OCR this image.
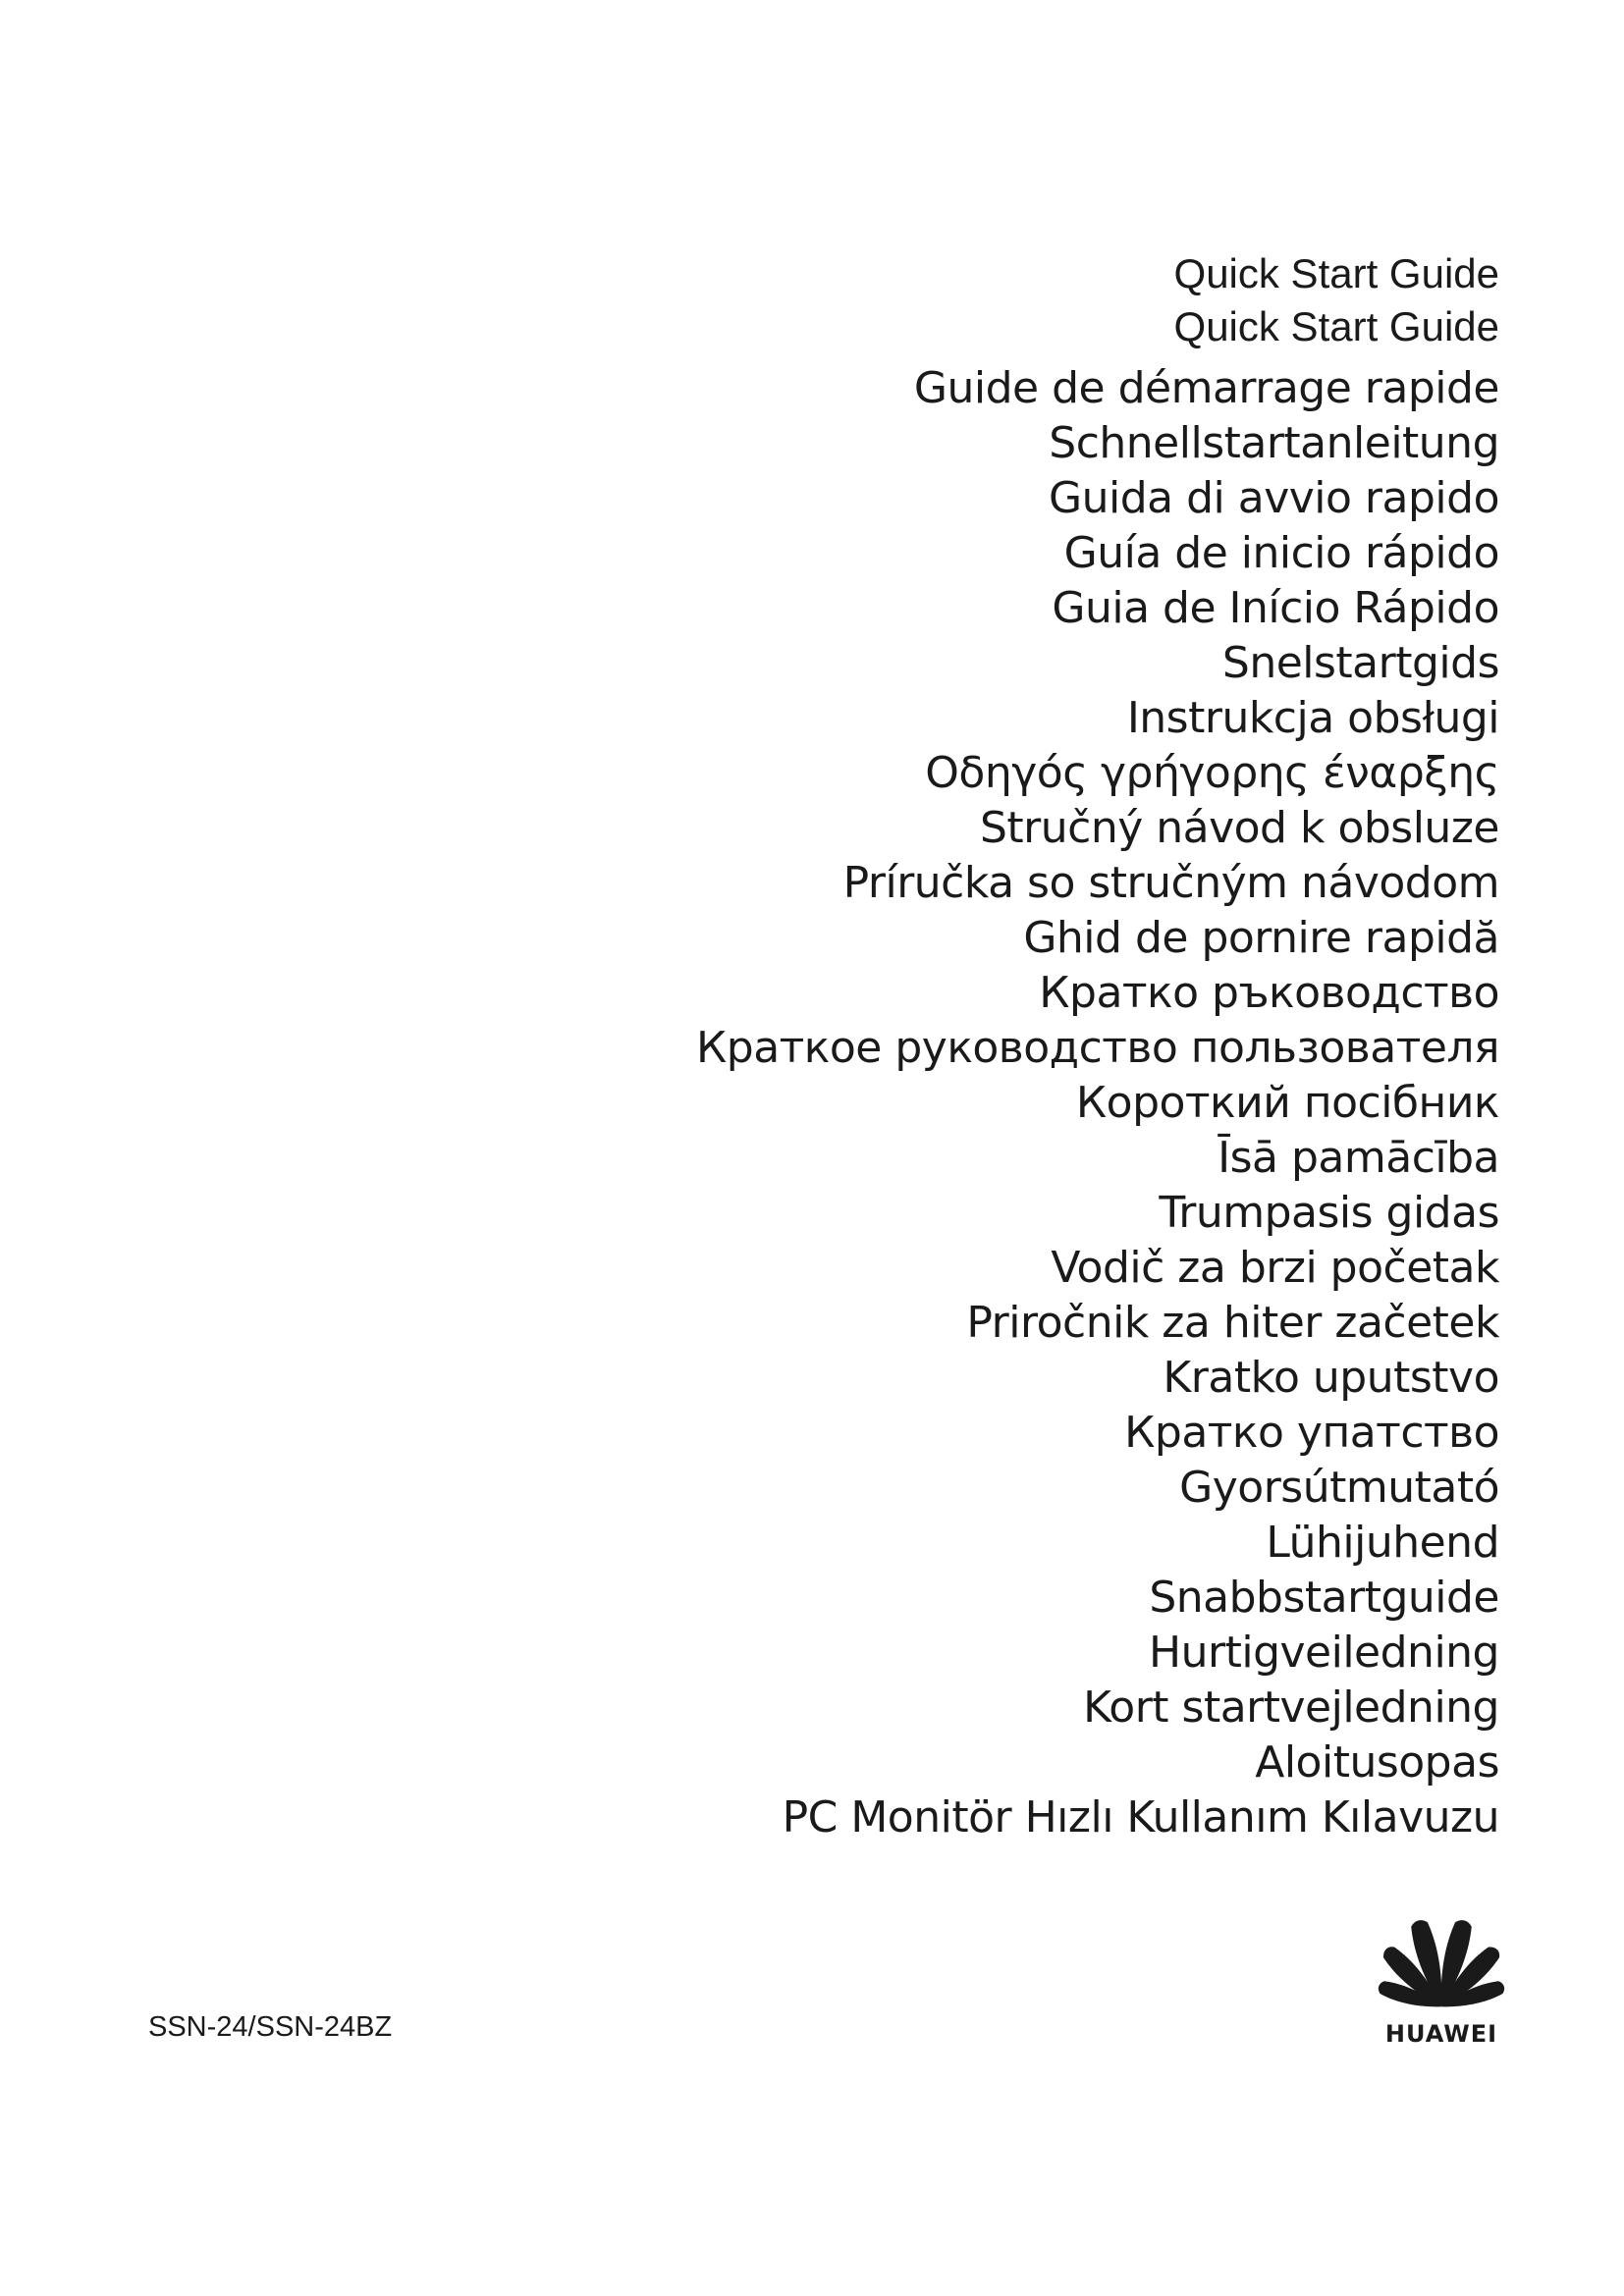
Quick Start Guide
Quick Start Guide
Guide de démarrage rapide
Schnellstartanleitung
Guida di avvio rapido
Guía de inicio rápido
Guia de Início Rápido
Snelstartgids
Instrukcja obsługi
Οδηγός γρήγορης έναρξης
Stručný návod k obsluze
Príručka so stručným návodom
Ghid de pornire rapidă
Кратко ръководство
Краткое руководство пользователя
Короткий посібник
Īsā pamācība
Trumpasis gidas
Vodič za brzi početak
Priročnik za hiter začetek
Kratko uputstvo
Кратко упатство
Gyorsútmutató
Lühijuhend
Snabbstartguide
Hurtigveiledning
Kort startvejledning
Aloitusopas
PC Monitör Hızlı Kullanım Kılavuzu
SSN-24/SSN-24BZ	HUAWEI
